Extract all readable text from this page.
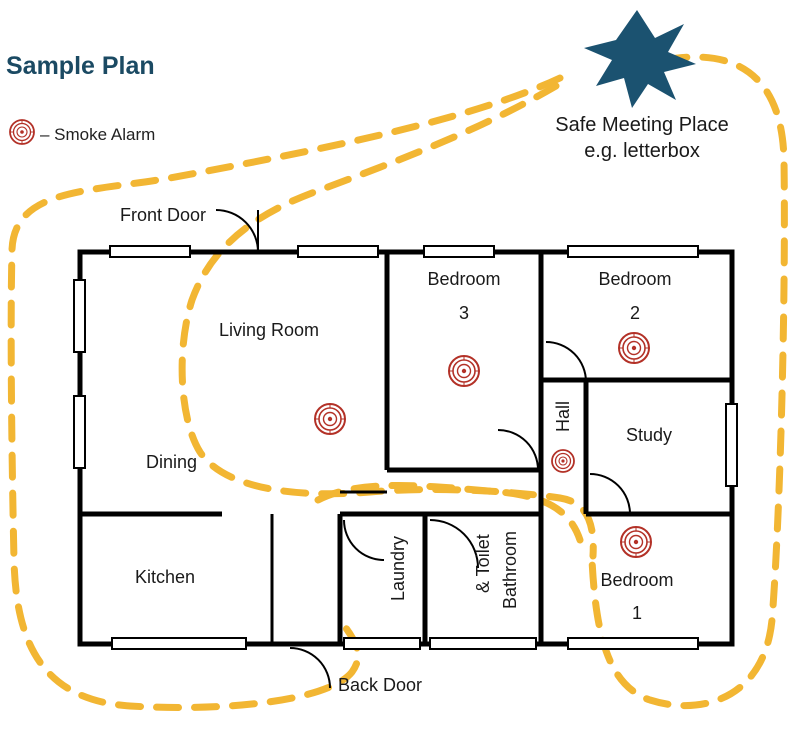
Sample Plan
– Smoke Alarm	Safe Meeting Place
e.g. letterbox
Front Door
Back Door
Living Room
Dining
Kitchen
Bedroom
3
Bedroom
2
Hall
Study
Laundry	Bathroom
& Toilet	Bedroom
1
